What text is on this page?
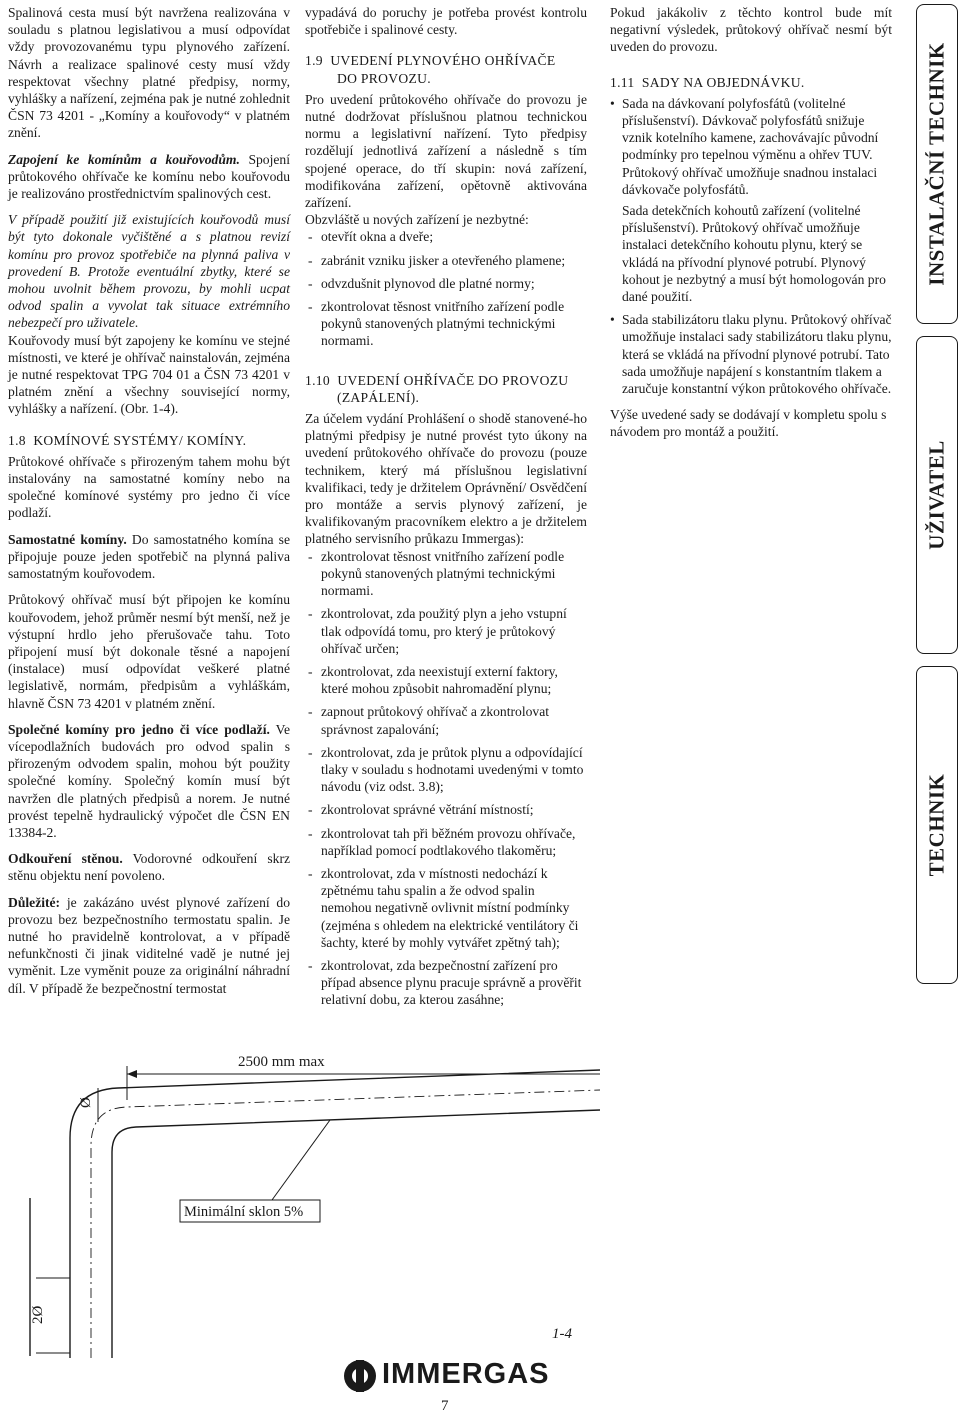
Spalinová cesta musí být navržena realizována v souladu s platnou legislativou a musí odpovídat vždy provozovanému typu plynového zařízení. Návrh a realizace spalinové cesty musí vždy respektovat všechny platné předpisy, normy, vyhlášky a nařízení, zejména pak je nutné zohlednit ČSN 73 4201 - „Komíny a kouřovody“ v platném znění.

Zapojení ke komínům a kouřovodům. Spojení průtokového ohřívače ke komínu nebo kouřovodu je realizováno prostřednictvím spalinových cest.

V případě použití již existujících kouřovodů musí být tyto dokonale vyčištěné a s platnou revizí komínu pro provoz spotřebiče na plynná paliva v provedení B. Protože eventuální zbytky, které se mohou uvolnit během provozu, by mohli ucpat odvod spalin a vyvolat tak situace extrémního nebezpečí pro uživatele.

Kouřovody musí být zapojeny ke komínu ve stejné místnosti, ve které je ohřívač nainstalován, zejména je nutné respektovat TPG 704 01 a ČSN 73 4201 v platném znění a všechny související normy, vyhlášky a nařízení. (Obr. 1-4).

1.8 KOMÍNOVÉ SYSTÉMY/ KOMÍNY.

Průtokové ohřívače s přirozeným tahem mohu být instalovány na samostatné komíny nebo na společné komínové systémy pro jedno či více podlaží.

Samostatné komíny. Do samostatného komína se připojuje pouze jeden spotřebič na plynná paliva samostatným kouřovodem.

Průtokový ohřívač musí být připojen ke komínu kouřovodem, jehož průměr nesmí být menší, než je výstupní hrdlo jeho přerušovače tahu. Toto připojení musí být dokonale těsné a napojení (instalace) musí odpovídat veškeré platné legislativě, normám, předpisům a vyhláškám, hlavně ČSN 73 4201 v platném znění.

Společné komíny pro jedno či více podlaží. Ve vícepodlažních budovách pro odvod spalin s přirozeným odvodem spalin, mohou být použity společné komíny. Společný komín musí být navržen dle platných předpisů a norem. Je nutné provést tepelně hydraulický výpočet dle ČSN EN 13384-2.

Odkouření stěnou. Vodorovné odkouření skrz stěnu objektu není povoleno.

Důležité: je zakázáno uvést plynové zařízení do provozu bez bezpečnostního termostatu spalin. Je nutné ho pravidelně kontrolovat, a v případě nefunkčnosti či jinak viditelné vadě je nutné jej vyměnit. Lze vyměnit pouze za originální náhradní díl. V případě že bezpečnostní termostat

vypadává do poruchy je potřeba provést kontrolu spotřebiče i spalinové cesty.

1.9 UVEDENÍ PLYNOVÉHO OHŘÍVAČE
DO PROVOZU.

Pro uvedení průtokového ohřívače do provozu je nutné dodržovat příslušnou platnou technickou normu a legislativní nařízení. Tyto předpisy rozdělují jednotlivá zařízení a následně s tím spojené operace, do tří skupin: nová zařízení, modifikována zařízení, opětovně aktivována zařízení.

Obzvláště u nových zařízení je nezbytné:

- otevřít okna a dveře;
- zabránit vzniku jisker a otevřeného plamene;
- odvzdušnit plynovod dle platné normy;
- zkontrolovat těsnost vnitřního zařízení podle pokynů stanovených platnými technickými normami.
1.10 UVEDENÍ OHŘÍVAČE DO PROVOZU
(ZAPÁLENÍ).

Za účelem vydání Prohlášení o shodě stanovené-ho platnými předpisy je nutné provést tyto úkony na uvedení průtokového ohřívače do provozu (pouze technikem, který má příslušnou legislativní kvalifikaci, tedy je držitelem Oprávnění/ Osvědčení pro montáže a servis plynový zařízení, je kvalifikovaným pracovníkem elektro a je držitelem platného servisního průkazu Immergas):

- zkontrolovat těsnost vnitřního zařízení podle pokynů stanovených platnými technickými normami.
- zkontrolovat, zda použitý plyn a jeho vstupní tlak odpovídá tomu, pro který je průtokový ohřívač určen;
- zkontrolovat, zda neexistují externí faktory, které mohou způsobit nahromadění plynu;
- zapnout průtokový ohřívač a zkontrolovat správnost zapalování;
- zkontrolovat, zda je průtok plynu a odpovídající tlaky v souladu s hodnotami uvedenými v tomto návodu (viz odst. 3.8);
- zkontrolovat správné větrání místností;
- zkontrolovat tah při běžném provozu ohřívače, například pomocí podtlakového tlakoměru;
- zkontrolovat, zda v místnosti nedochází k zpětnému tahu spalin a že odvod spalin nemohou negativně ovlivnit místní podmínky (zejména s ohledem na elektrické ventilátory či šachty, které by mohly vytvářet zpětný tah);
- zkontrolovat, zda bezpečnostní zařízení pro případ absence plynu pracuje správně a prověřit relativní dobu, za kterou zasáhne;

Pokud jakákoliv z těchto kontrol bude mít negativní výsledek, průtokový ohřívač nesmí být uveden do provozu.

1.11 SADY NA OBJEDNÁVKU.
• Sada na dávkovaní polyfosfátů (volitelné příslušenství). Dávkovač polyfosfátů snižuje vznik kotelního kamene, zachovávajíc původní podmínky pro tepelnou výměnu a ohřev TUV. Průtokový ohřívač umožňuje snadnou instalaci dávkovače polyfosfátů.

Sada detekčních kohoutů zařízení (volitelné příslušenství). Průtokový ohřívač umožňuje instalaci detekčního kohoutu plynu, který se vkládá na přívodní plynové potrubí. Plynový kohout je nezbytný a musí být homologován pro dané použití.

• Sada stabilizátoru tlaku plynu. Průtokový ohřívač umožňuje instalaci sady stabilizátoru tlaku plynu, která se vkládá na přívodní plynové potrubí. Tato sada umožňuje napájení s konstantním tlakem a zaručuje konstantní výkon průtokového ohřívače.

Výše uvedené sady se dodávají v kompletu spolu s návodem pro montáž a použití.

INSTALAČNÍ TECHNIK
UŽIVATEL
TECHNIK
2500 mm max
Ø
2Ø
Minimální sklon 5%
1-4
IMMERGAS
7
